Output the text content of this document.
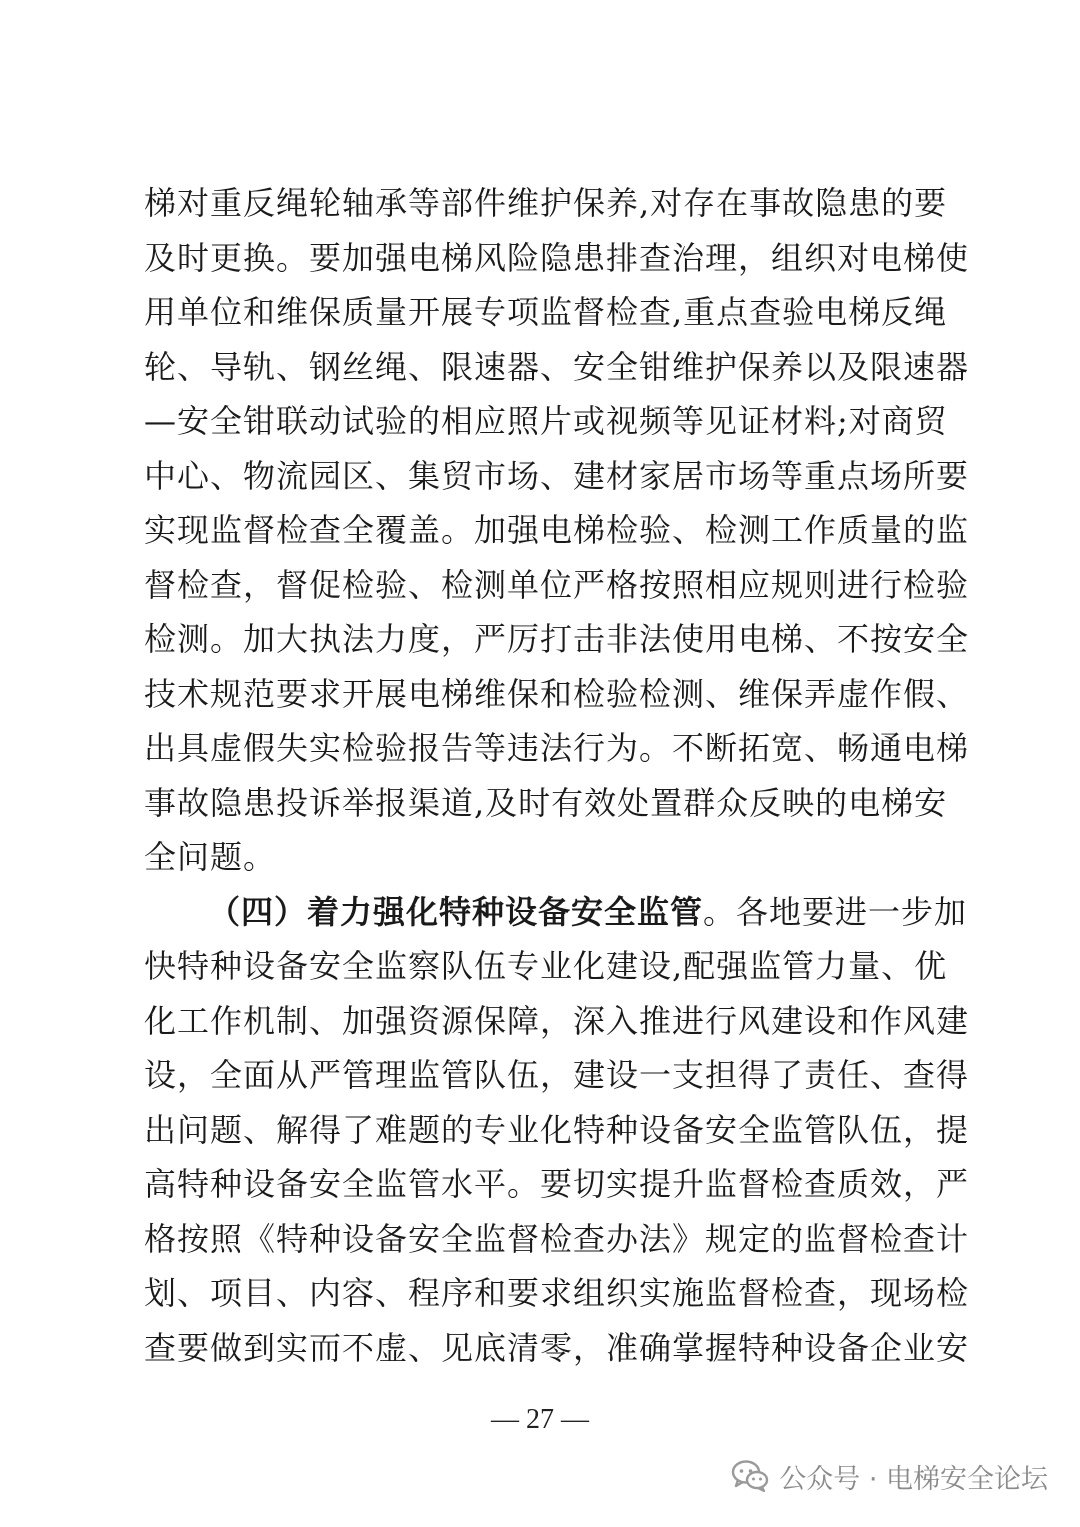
梯对重反绳轮轴承等部件维护保养,对存在事故隐患的要
及时更换。要加强电梯风险隐患排查治理，组织对电梯使
用单位和维保质量开展专项监督检查,重点查验电梯反绳
轮、导轨、钢丝绳、限速器、安全钳维护保养以及限速器
—安全钳联动试验的相应照片或视频等见证材料;对商贸
中心、物流园区、集贸市场、建材家居市场等重点场所要
实现监督检查全覆盖。加强电梯检验、检测工作质量的监
督检查，督促检验、检测单位严格按照相应规则进行检验
检测。加大执法力度，严厉打击非法使用电梯、不按安全
技术规范要求开展电梯维保和检验检测、维保弄虚作假、
出具虚假失实检验报告等违法行为。不断拓宽、畅通电梯
事故隐患投诉举报渠道,及时有效处置群众反映的电梯安
全问题。
（四）着力强化特种设备安全监管。各地要进一步加
快特种设备安全监察队伍专业化建设,配强监管力量、优
化工作机制、加强资源保障，深入推进行风建设和作风建
设，全面从严管理监管队伍，建设一支担得了责任、查得
出问题、解得了难题的专业化特种设备安全监管队伍，提
高特种设备安全监管水平。要切实提升监督检查质效，严
格按照《特种设备安全监督检查办法》规定的监督检查计
划、项目、内容、程序和要求组织实施监督检查，现场检
查要做到实而不虚、见底清零，准确掌握特种设备企业安
— 27 —
公众号 · 电梯安全论坛
